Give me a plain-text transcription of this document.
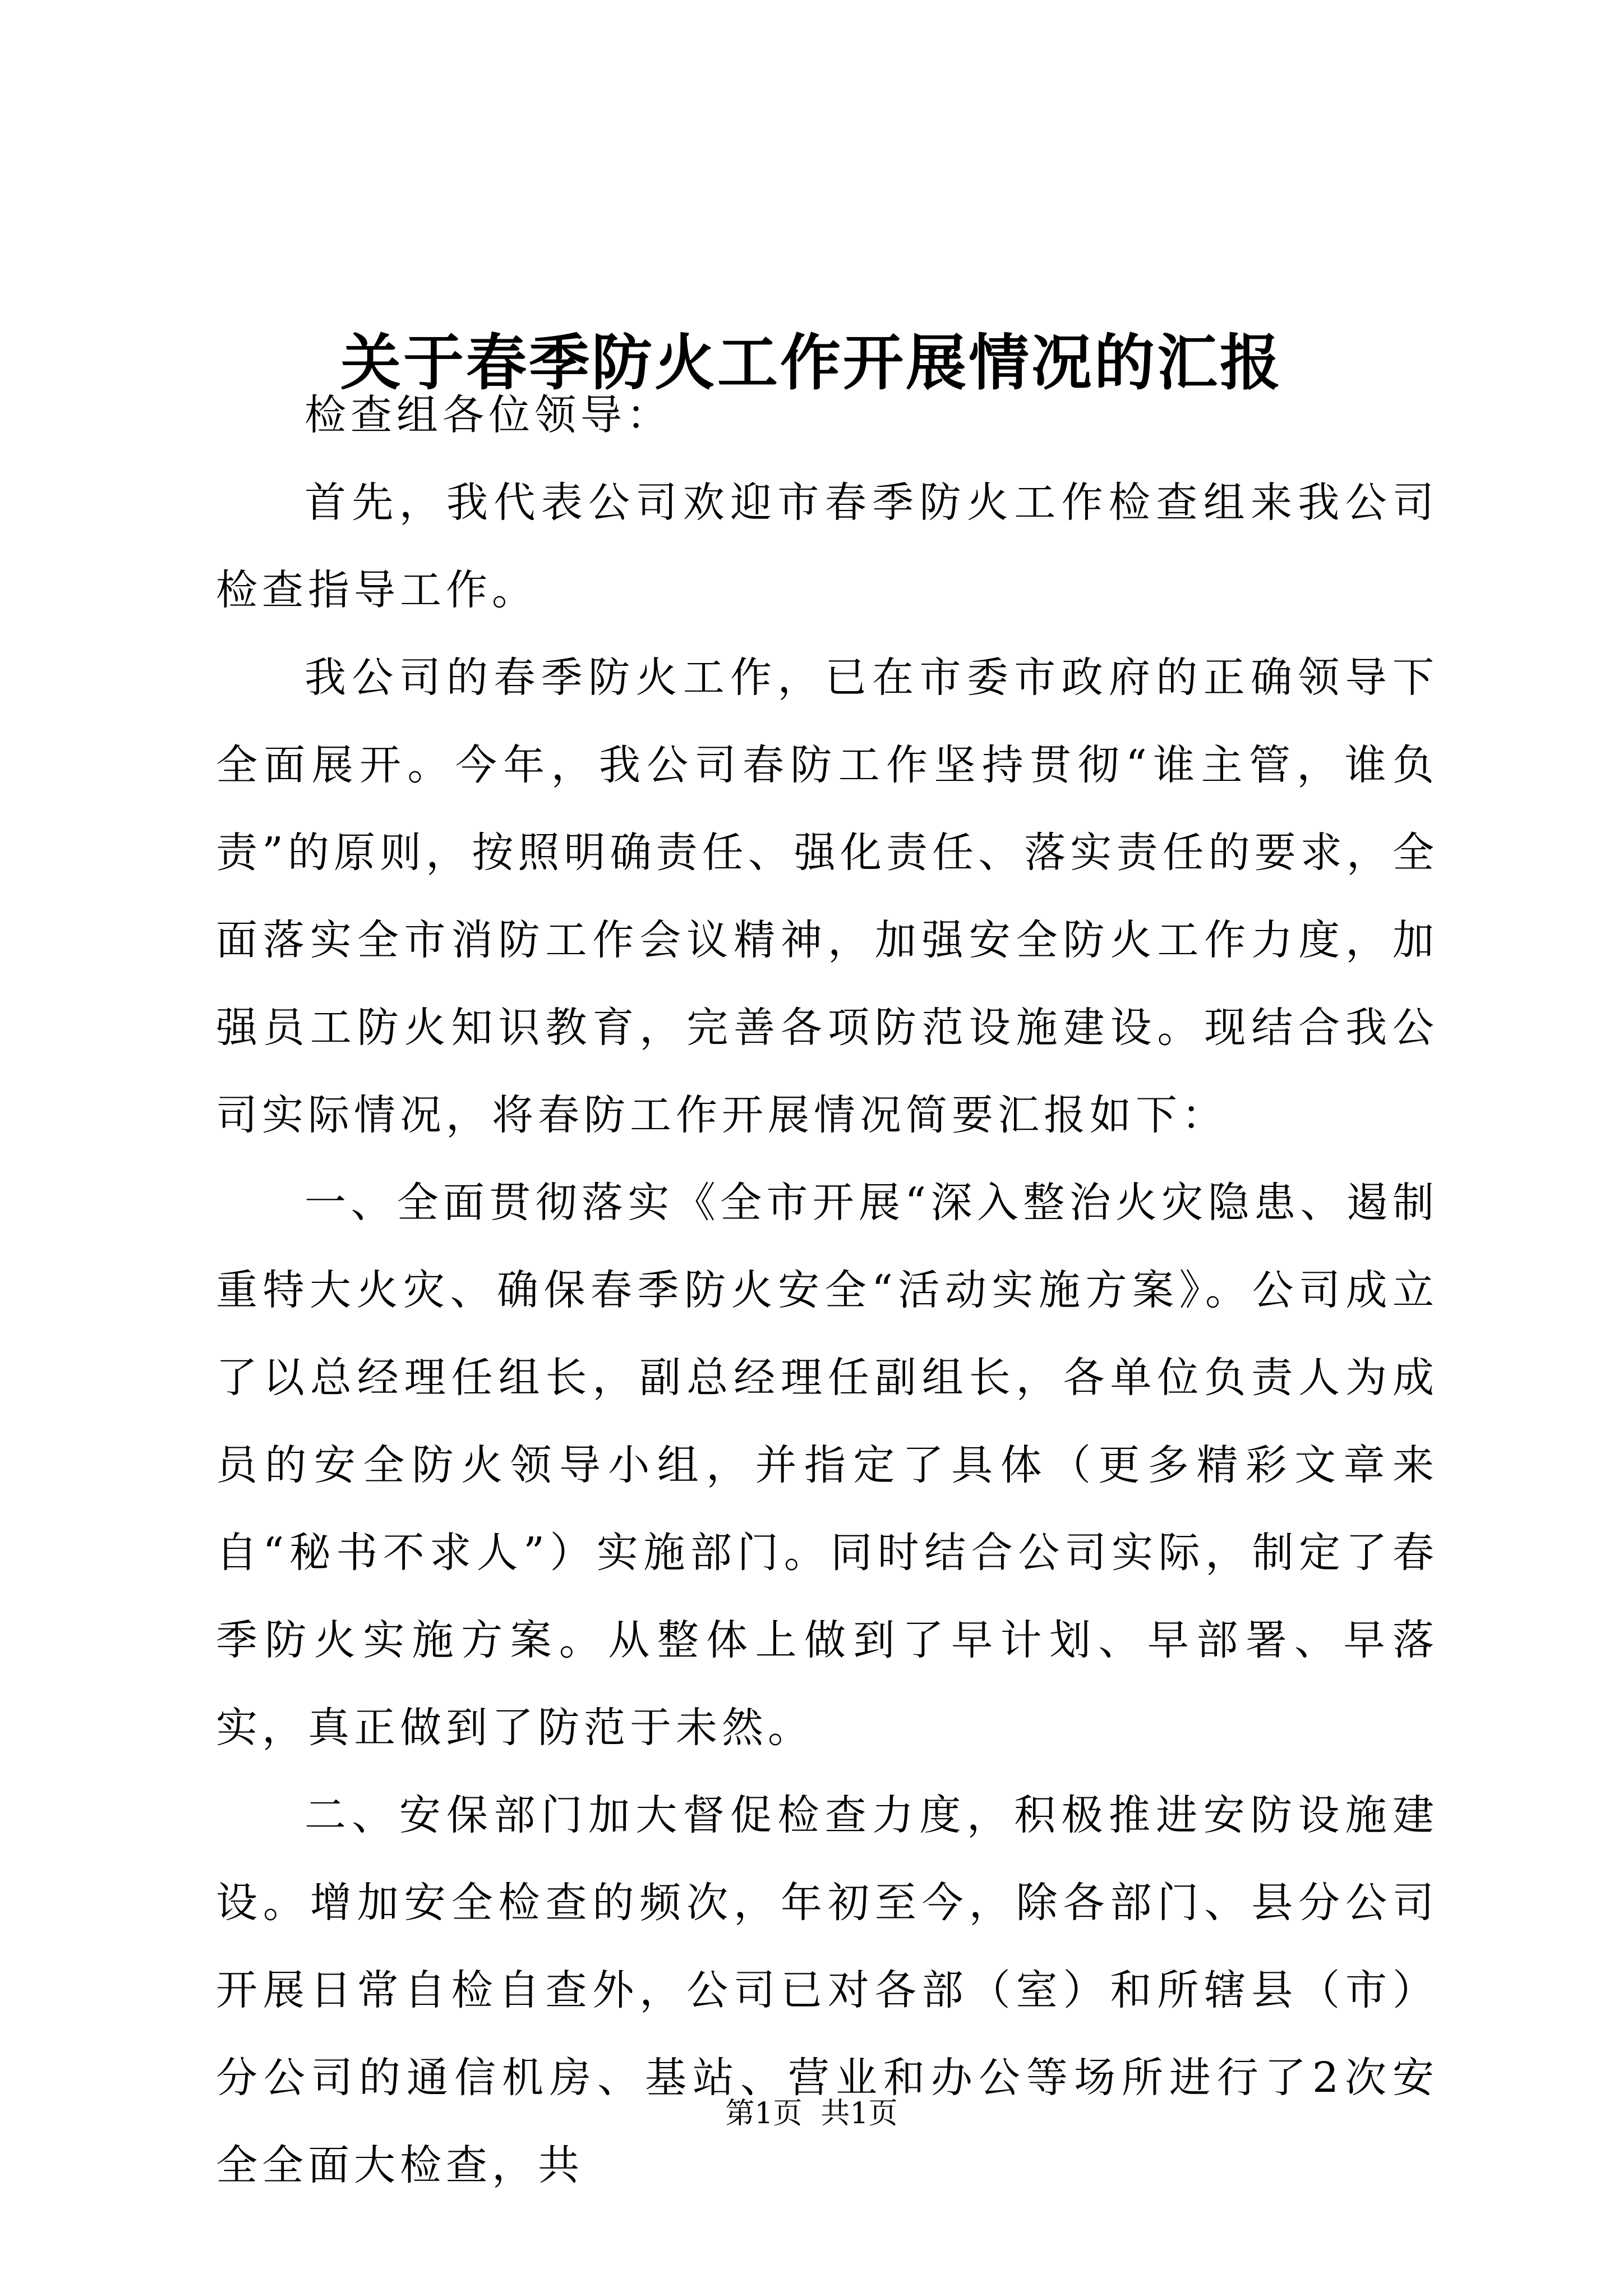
关于春季防火工作开展情况的汇报

检查组各位领导：

首先，我代表公司欢迎市春季防火工作检查组来我公司检查指导工作。

我公司的春季防火工作，已在市委市政府的正确领导下全面展开。今年，我公司春防工作坚持贯彻“谁主管，谁负责”的原则，按照明确责任、强化责任、落实责任的要求，全面落实全市消防工作会议精神，加强安全防火工作力度，加强员工防火知识教育，完善各项防范设施建设。现结合我公司实际情况，将春防工作开展情况简要汇报如下：

一、全面贯彻落实《全市开展“深入整治火灾隐患、遏制重特大火灾、确保春季防火安全“活动实施方案》。公司成立了以总经理任组长，副总经理任副组长，各单位负责人为成员的安全防火领导小组，并指定了具体（更多精彩文章来自“秘书不求人”）实施部门。同时结合公司实际，制定了春季防火实施方案。从整体上做到了早计划、早部署、早落实，真正做到了防范于未然。

二、安保部门加大督促检查力度，积极推进安防设施建设。增加安全检查的频次，年初至今，除各部门、县分公司开展日常自检自查外，公司已对各部（室）和所辖县（市）分公司的通信机房、基站、营业和办公等场所进行了2次安全全面大检查，共

第1页  共1页
